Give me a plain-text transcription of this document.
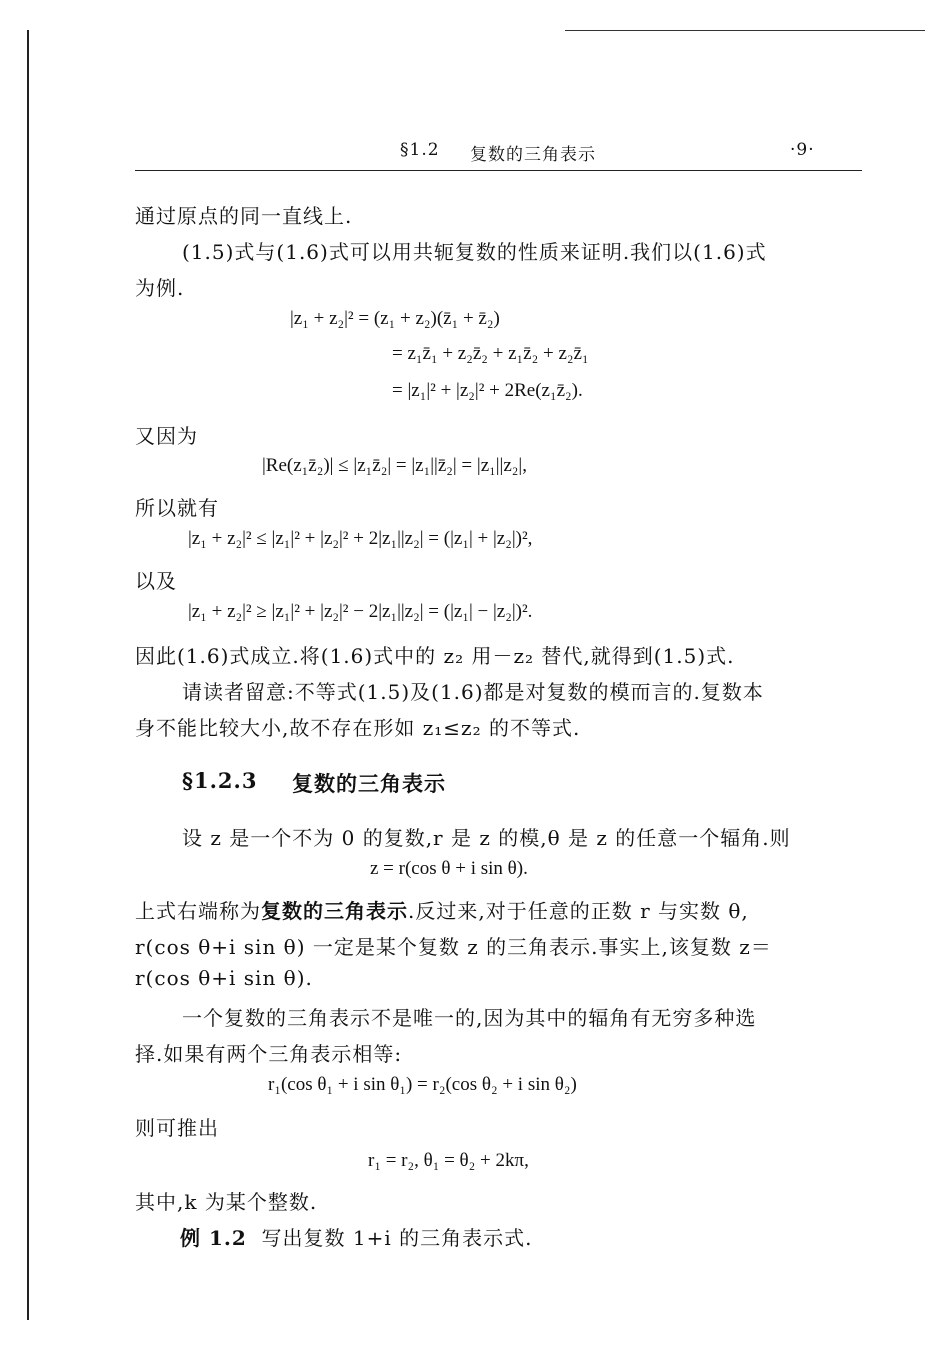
§1.2 复数的三角表示	·9·
通过原点的同一直线上.
(1.5)式与(1.6)式可以用共轭复数的性质来证明.我们以(1.6)式
为例.
|z₁ + z₂|² = (z₁ + z₂)(z̄₁ + z̄₂)
= z₁z̄₁ + z₂z̄₂ + z₁z̄₂ + z₂z̄₁
= |z₁|² + |z₂|² + 2Re(z₁z̄₂).
又因为
|Re(z₁z̄₂)| ≤ |z₁z̄₂| = |z₁||z̄₂| = |z₁||z₂|,
所以就有
|z₁ + z₂|² ≤ |z₁|² + |z₂|² + 2|z₁||z₂| = (|z₁| + |z₂|)²,
以及
|z₁ + z₂|² ≥ |z₁|² + |z₂|² − 2|z₁||z₂| = (|z₁| − |z₂|)².
因此(1.6)式成立.将(1.6)式中的 z₂ 用－z₂ 替代,就得到(1.5)式.
请读者留意:不等式(1.5)及(1.6)都是对复数的模而言的.复数本
身不能比较大小,故不存在形如 z₁≤z₂ 的不等式.
§1.2.3 复数的三角表示
设 z 是一个不为 0 的复数,r 是 z 的模,θ 是 z 的任意一个辐角.则
z = r(cos θ + i sin θ).
上式右端称为复数的三角表示.反过来,对于任意的正数 r 与实数 θ,
r(cos θ+i sin θ) 一定是某个复数 z 的三角表示.事实上,该复数 z＝
r(cos θ+i sin θ).
一个复数的三角表示不是唯一的,因为其中的辐角有无穷多种选
择.如果有两个三角表示相等:
r₁(cos θ₁ + i sin θ₁) = r₂(cos θ₂ + i sin θ₂)
则可推出
r₁ = r₂, θ₁ = θ₂ + 2kπ,
其中,k 为某个整数.
例 1.2 写出复数 1+i 的三角表示式.
